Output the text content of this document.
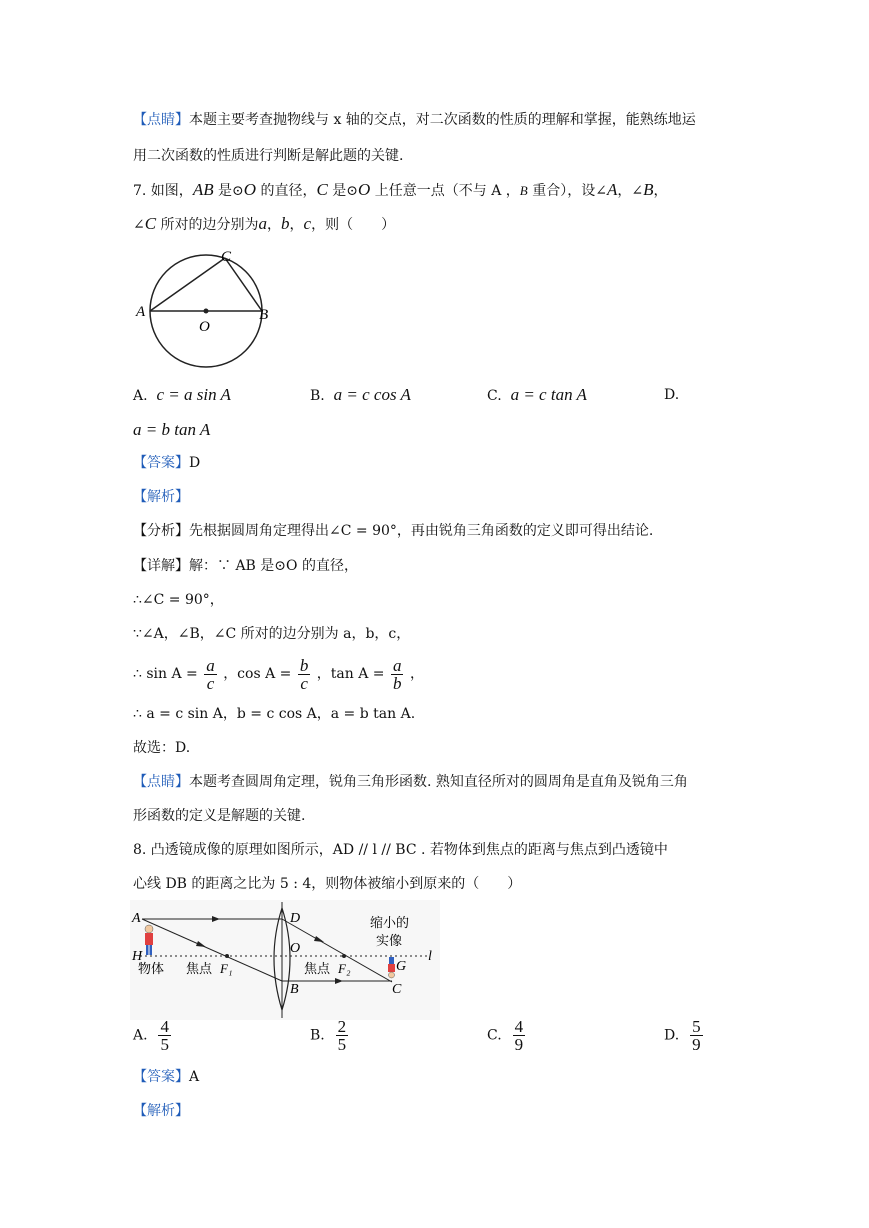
【点睛】本题主要考查抛物线与 x 轴的交点，对二次函数的性质的理解和掌握，能熟练地运
用二次函数的性质进行判断是解此题的关键.
7. 如图，AB 是⊙O 的直径，C 是⊙O 上任意一点（不与 A ，B 重合），设∠A，∠B，
∠C 所对的边分别为a，b，c，则（　　）
A	B
C
O
A. c = a sin A	B. a = c cos A	C. a = c tan A	D.
a = b tan A
【答案】D
【解析】
【分析】先根据圆周角定理得出∠C = 90°，再由锐角三角函数的定义即可得出结论.
【详解】解：∵ AB 是⊙O 的直径，
∴∠C = 90°，
∵∠A，∠B，∠C 所对的边分别为 a，b，c，
∴ $\sin A = \frac{a}{c}$ ，$\cos A = \frac{b}{c}$ ，$\tan A = \frac{a}{b}$ ，
∴ a = c sin A，b = c cos A，a = b tan A.
故选：D.
【点睛】本题考查圆周角定理，锐角三角形函数. 熟知直径所对的圆周角是直角及锐角三角
形函数的定义是解题的关键.
8. 凸透镜成像的原理如图所示，AD // l // BC . 若物体到焦点的距离与焦点到凸透镜中
心线 DB 的距离之比为 5 : 4，则物体被缩小到原来的（　　）
A	D
H
O
G
B	C
l
物体 焦点 F₁	焦点 F₂
缩小的
实像
A. $\frac{4}{5}$	B. $\frac{2}{5}$	C. $\frac{4}{9}$	D. $\frac{5}{9}$
【答案】A
【解析】
